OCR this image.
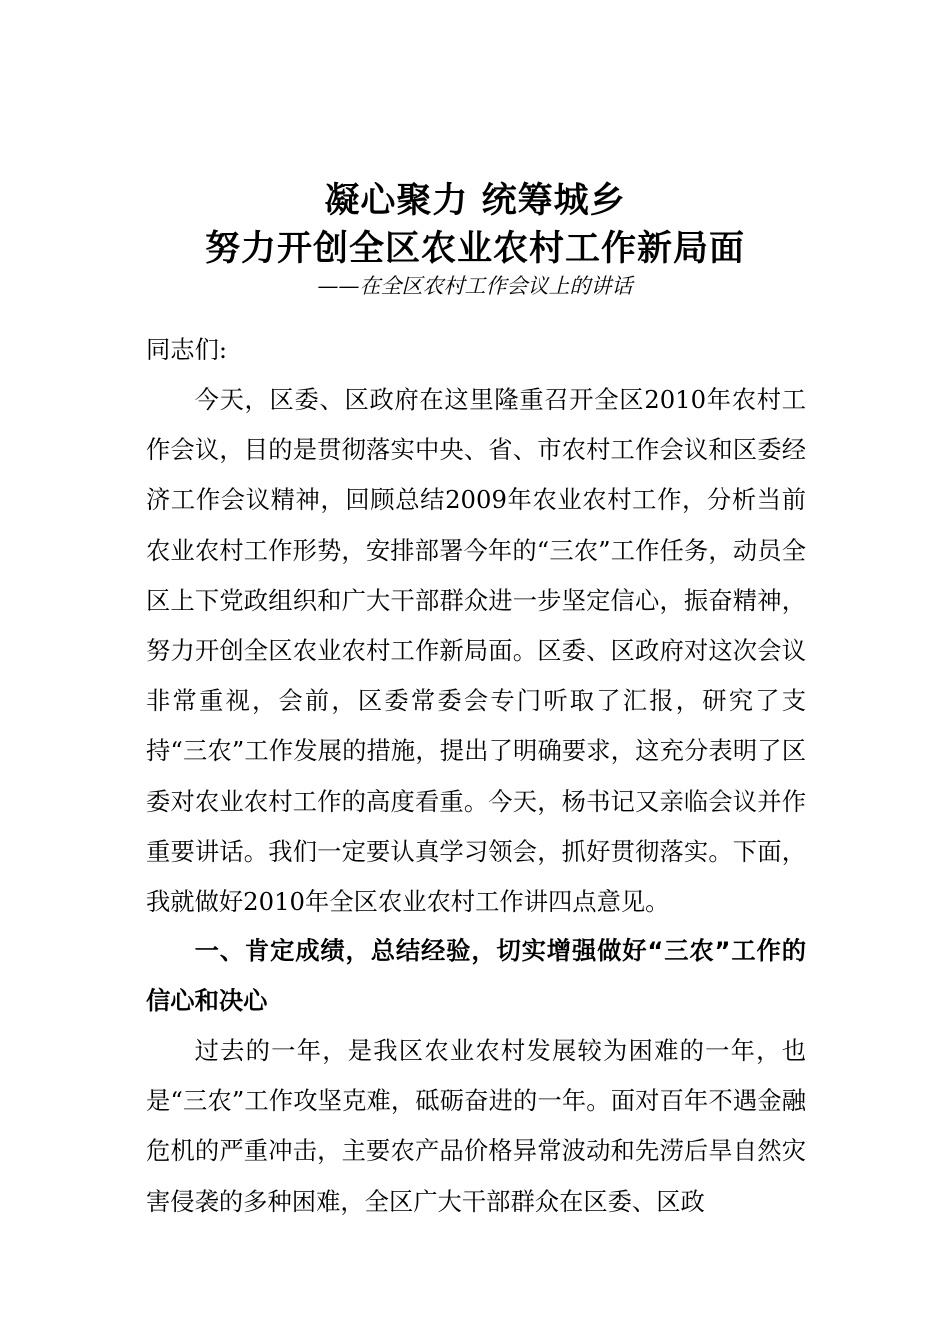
凝心聚力 统筹城乡
努力开创全区农业农村工作新局面
——在全区农村工作会议上的讲话

同志们:

今天，区委、区政府在这里隆重召开全区2010年农村工作会议，目的是贯彻落实中央、省、市农村工作会议和区委经济工作会议精神，回顾总结2009年农业农村工作，分析当前农业农村工作形势，安排部署今年的“三农”工作任务，动员全区上下党政组织和广大干部群众进一步坚定信心，振奋精神，努力开创全区农业农村工作新局面。区委、区政府对这次会议非常重视，会前，区委常委会专门听取了汇报，研究了支持“三农”工作发展的措施，提出了明确要求，这充分表明了区委对农业农村工作的高度看重。今天，杨书记又亲临会议并作重要讲话。我们一定要认真学习领会，抓好贯彻落实。下面，我就做好2010年全区农业农村工作讲四点意见。

一、肯定成绩，总结经验，切实增强做好“三农”工作的信心和决心

过去的一年，是我区农业农村发展较为困难的一年，也是“三农”工作攻坚克难，砥砺奋进的一年。面对百年不遇金融危机的严重冲击，主要农产品价格异常波动和先涝后旱自然灾害侵袭的多种困难，全区广大干部群众在区委、区政
